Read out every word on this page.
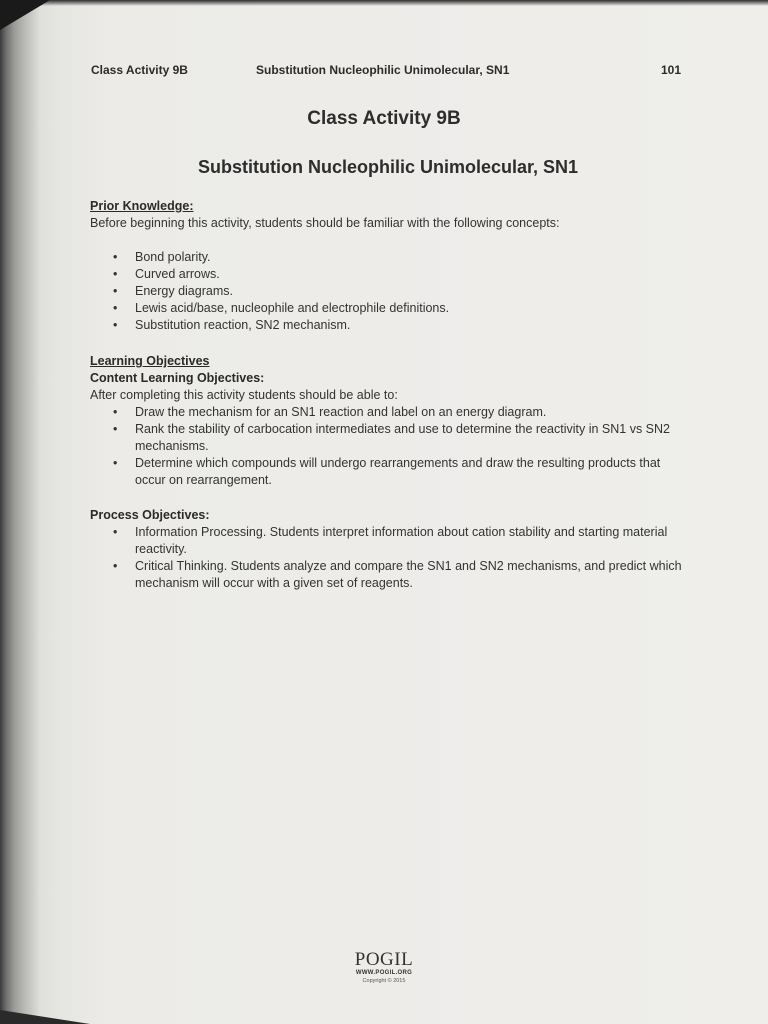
Class Activity 9B	Substitution Nucleophilic Unimolecular, SN1	101
Class Activity 9B
Substitution Nucleophilic Unimolecular, SN1
Prior Knowledge:

Before beginning this activity, students should be familiar with the following concepts:

• Bond polarity.
• Curved arrows.
• Energy diagrams.
• Lewis acid/base, nucleophile and electrophile definitions.
• Substitution reaction, SN2 mechanism.
Learning Objectives
Content Learning Objectives:

After completing this activity students should be able to:

• Draw the mechanism for an SN1 reaction and label on an energy diagram.
• Rank the stability of carbocation intermediates and use to determine the reactivity in SN1 vs SN2 mechanisms.
• Determine which compounds will undergo rearrangements and draw the resulting products that occur on rearrangement.
Process Objectives:
• Information Processing. Students interpret information about cation stability and starting material reactivity.
• Critical Thinking. Students analyze and compare the SN1 and SN2 mechanisms, and predict which mechanism will occur with a given set of reagents.
POGIL
WWW.POGIL.ORG
Copyright © 2015
